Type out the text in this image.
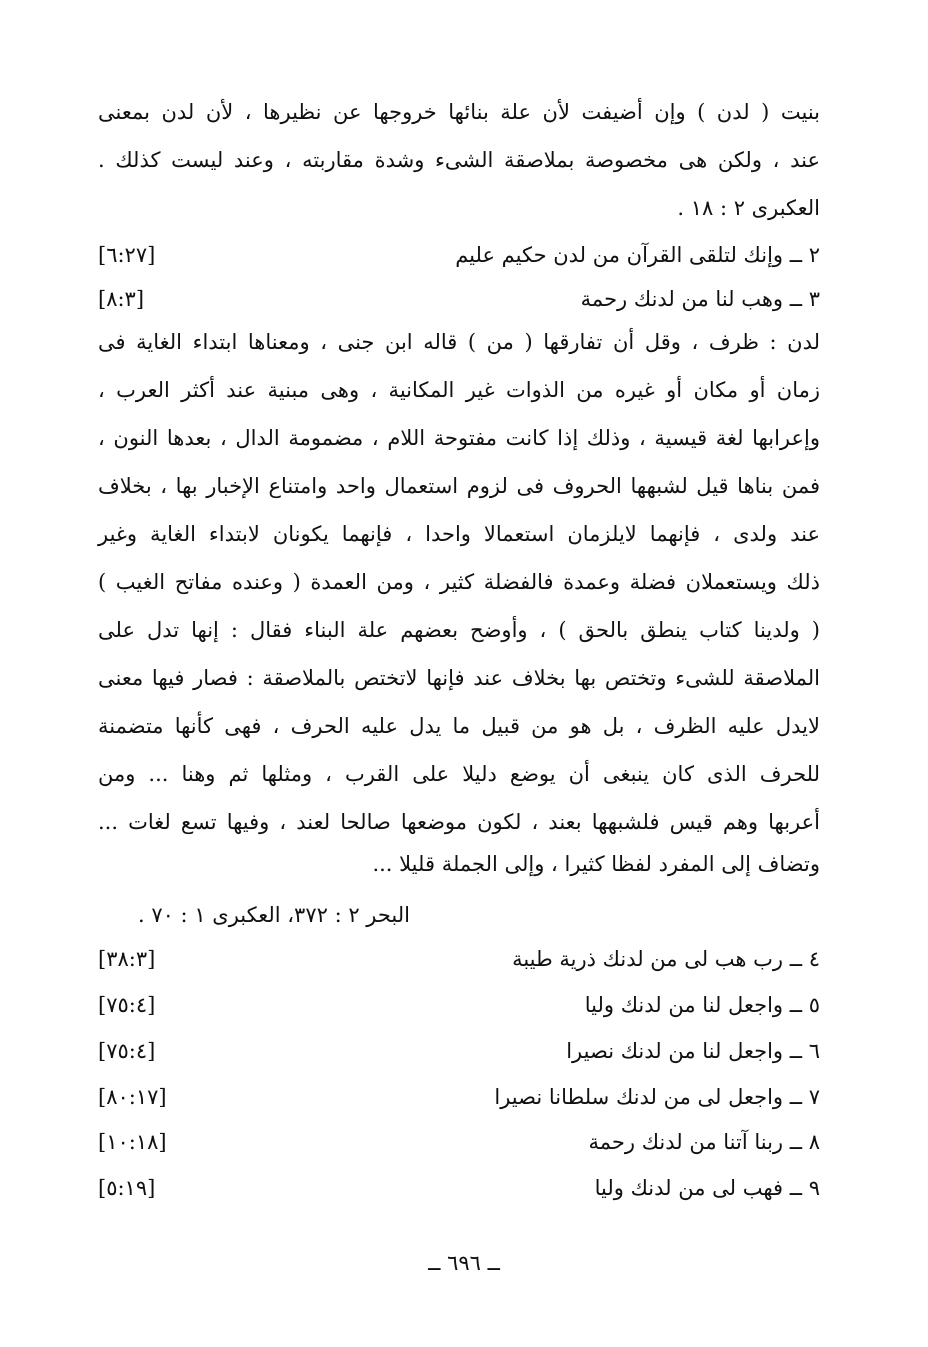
بنيت ( لدن ) وإن أضيفت لأن علة بنائها خروجها عن نظيرها ، لأن لدن بمعنى
عند ، ولكن هى مخصوصة بملاصقة الشىء وشدة مقاربته ، وعند ليست كذلك .
العكبرى ٢ : ١٨ .
٢ ــ وإنك لتلقى القرآن من لدن حكيم عليم
[٦:٢٧]
٣ ــ وهب لنا من لدنك رحمة
[٨:٣]
لدن : ظرف ، وقل أن تفارقها ( من ) قاله ابن جنى ، ومعناها ابتداء الغاية فى
زمان أو مكان أو غيره من الذوات غير المكانية ، وهى مبنية عند أكثر العرب ،
وإعرابها لغة قيسية ، وذلك إذا كانت مفتوحة اللام ، مضمومة الدال ، بعدها النون ،
فمن بناها قيل لشبهها الحروف فى لزوم استعمال واحد وامتناع الإخبار بها ، بخلاف
عند ولدى ، فإنهما لايلزمان استعمالا واحدا ، فإنهما يكونان لابتداء الغاية وغير
ذلك ويستعملان فضلة وعمدة فالفضلة كثير ، ومن العمدة ( وعنده مفاتح الغيب )
( ولدينا كتاب ينطق بالحق ) ، وأوضح بعضهم علة البناء فقال : إنها تدل على
الملاصقة للشىء وتختص بها بخلاف عند فإنها لاتختص بالملاصقة : فصار فيها معنى
لايدل عليه الظرف ، بل هو من قبيل ما يدل عليه الحرف ، فهى كأنها متضمنة
للحرف الذى كان ينبغى أن يوضع دليلا على القرب ، ومثلها ثم وهنا ... ومن
أعربها وهم قيس فلشبهها بعند ، لكون موضعها صالحا لعند ، وفيها تسع لغات ...
وتضاف إلى المفرد لفظا كثيرا ، وإلى الجملة قليلا ...
البحر ٢ : ٣٧٢، العكبرى ١ : ٧٠ .
٤ ــ رب هب لى من لدنك ذرية طيبة
[٣٨:٣]
٥ ــ واجعل لنا من لدنك وليا
[٧٥:٤]
٦ ــ واجعل لنا من لدنك نصيرا
[٧٥:٤]
٧ ــ واجعل لى من لدنك سلطانا نصيرا
[٨٠:١٧]
٨ ــ ربنا آتنا من لدنك رحمة
[١٠:١٨]
٩ ــ فهب لى من لدنك وليا
[٥:١٩]
ــ ٦٩٦ ــ
